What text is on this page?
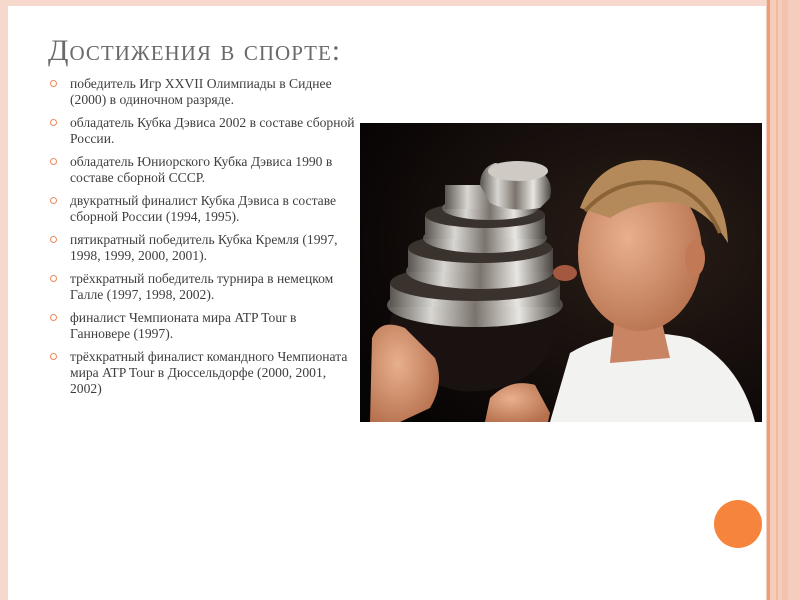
Достижения в спорте:
победитель Игр XXVII Олимпиады в Сиднее (2000) в одиночном разряде.
обладатель Кубка Дэвиса 2002 в составе сборной России.
обладатель Юниорского Кубка Дэвиса 1990 в составе сборной СССР.
двукратный финалист Кубка Дэвиса в составе сборной России (1994, 1995).
пятикратный победитель Кубка Кремля (1997, 1998, 1999, 2000, 2001).
трёхкратный победитель турнира в немецком Галле (1997, 1998, 2002).
финалист Чемпионата мира ATP Tour в Ганновере (1997).
трёхкратный финалист командного Чемпионата мира ATP Tour в Дюссельдорфе (2000, 2001, 2002)
